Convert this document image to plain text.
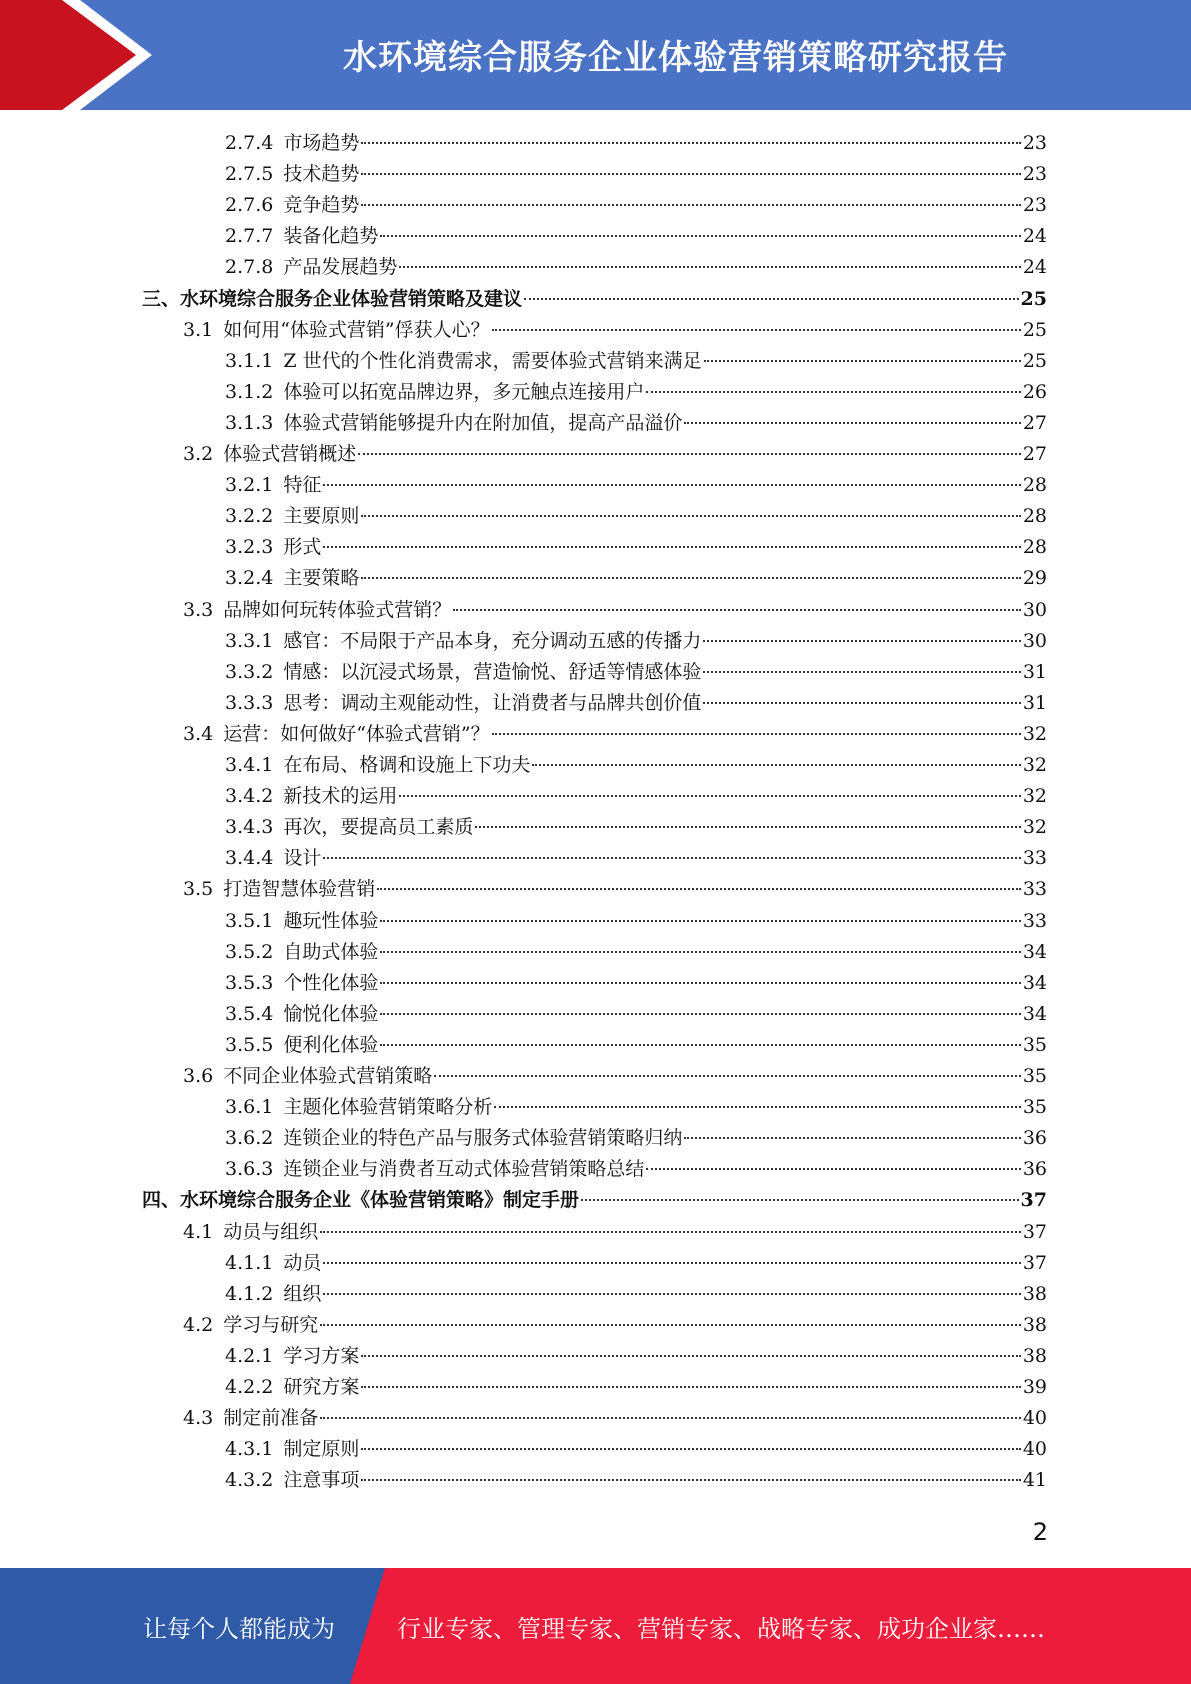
水环境综合服务企业体验营销策略研究报告
2.7.4 市场趋势	23
2.7.5 技术趋势	23
2.7.6 竞争趋势	23
2.7.7 装备化趋势	24
2.7.8 产品发展趋势	24
三、 水环境综合服务企业体验营销策略及建议	25
3.1 如何用“体验式营销”俘获人心？	25
3.1.1 Z 世代的个性化消费需求，需要体验式营销来满足	25
3.1.2 体验可以拓宽品牌边界，多元触点连接用户	26
3.1.3 体验式营销能够提升内在附加值，提高产品溢价	27
3.2 体验式营销概述	27
3.2.1 特征	28
3.2.2 主要原则	28
3.2.3 形式	28
3.2.4 主要策略	29
3.3 品牌如何玩转体验式营销？	30
3.3.1 感官：不局限于产品本身，充分调动五感的传播力	30
3.3.2 情感：以沉浸式场景，营造愉悦、舒适等情感体验	31
3.3.3 思考：调动主观能动性，让消费者与品牌共创价值	31
3.4 运营：如何做好“体验式营销”？	32
3.4.1 在布局、格调和设施上下功夫	32
3.4.2 新技术的运用	32
3.4.3 再次，要提高员工素质	32
3.4.4 设计	33
3.5 打造智慧体验营销	33
3.5.1 趣玩性体验	33
3.5.2 自助式体验	34
3.5.3 个性化体验	34
3.5.4 愉悦化体验	34
3.5.5 便利化体验	35
3.6 不同企业体验式营销策略	35
3.6.1 主题化体验营销策略分析	35
3.6.2 连锁企业的特色产品与服务式体验营销策略归纳	36
3.6.3 连锁企业与消费者互动式体验营销策略总结	36
四、 水环境综合服务企业《体验营销策略》制定手册	37
4.1 动员与组织	37
4.1.1 动员	37
4.1.2 组织	38
4.2 学习与研究	38
4.2.1 学习方案	38
4.2.2 研究方案	39
4.3 制定前准备	40
4.3.1 制定原则	40
4.3.2 注意事项	41
2
让每个人都能成为	行业专家、管理专家、营销专家、战略专家、成功企业家……
